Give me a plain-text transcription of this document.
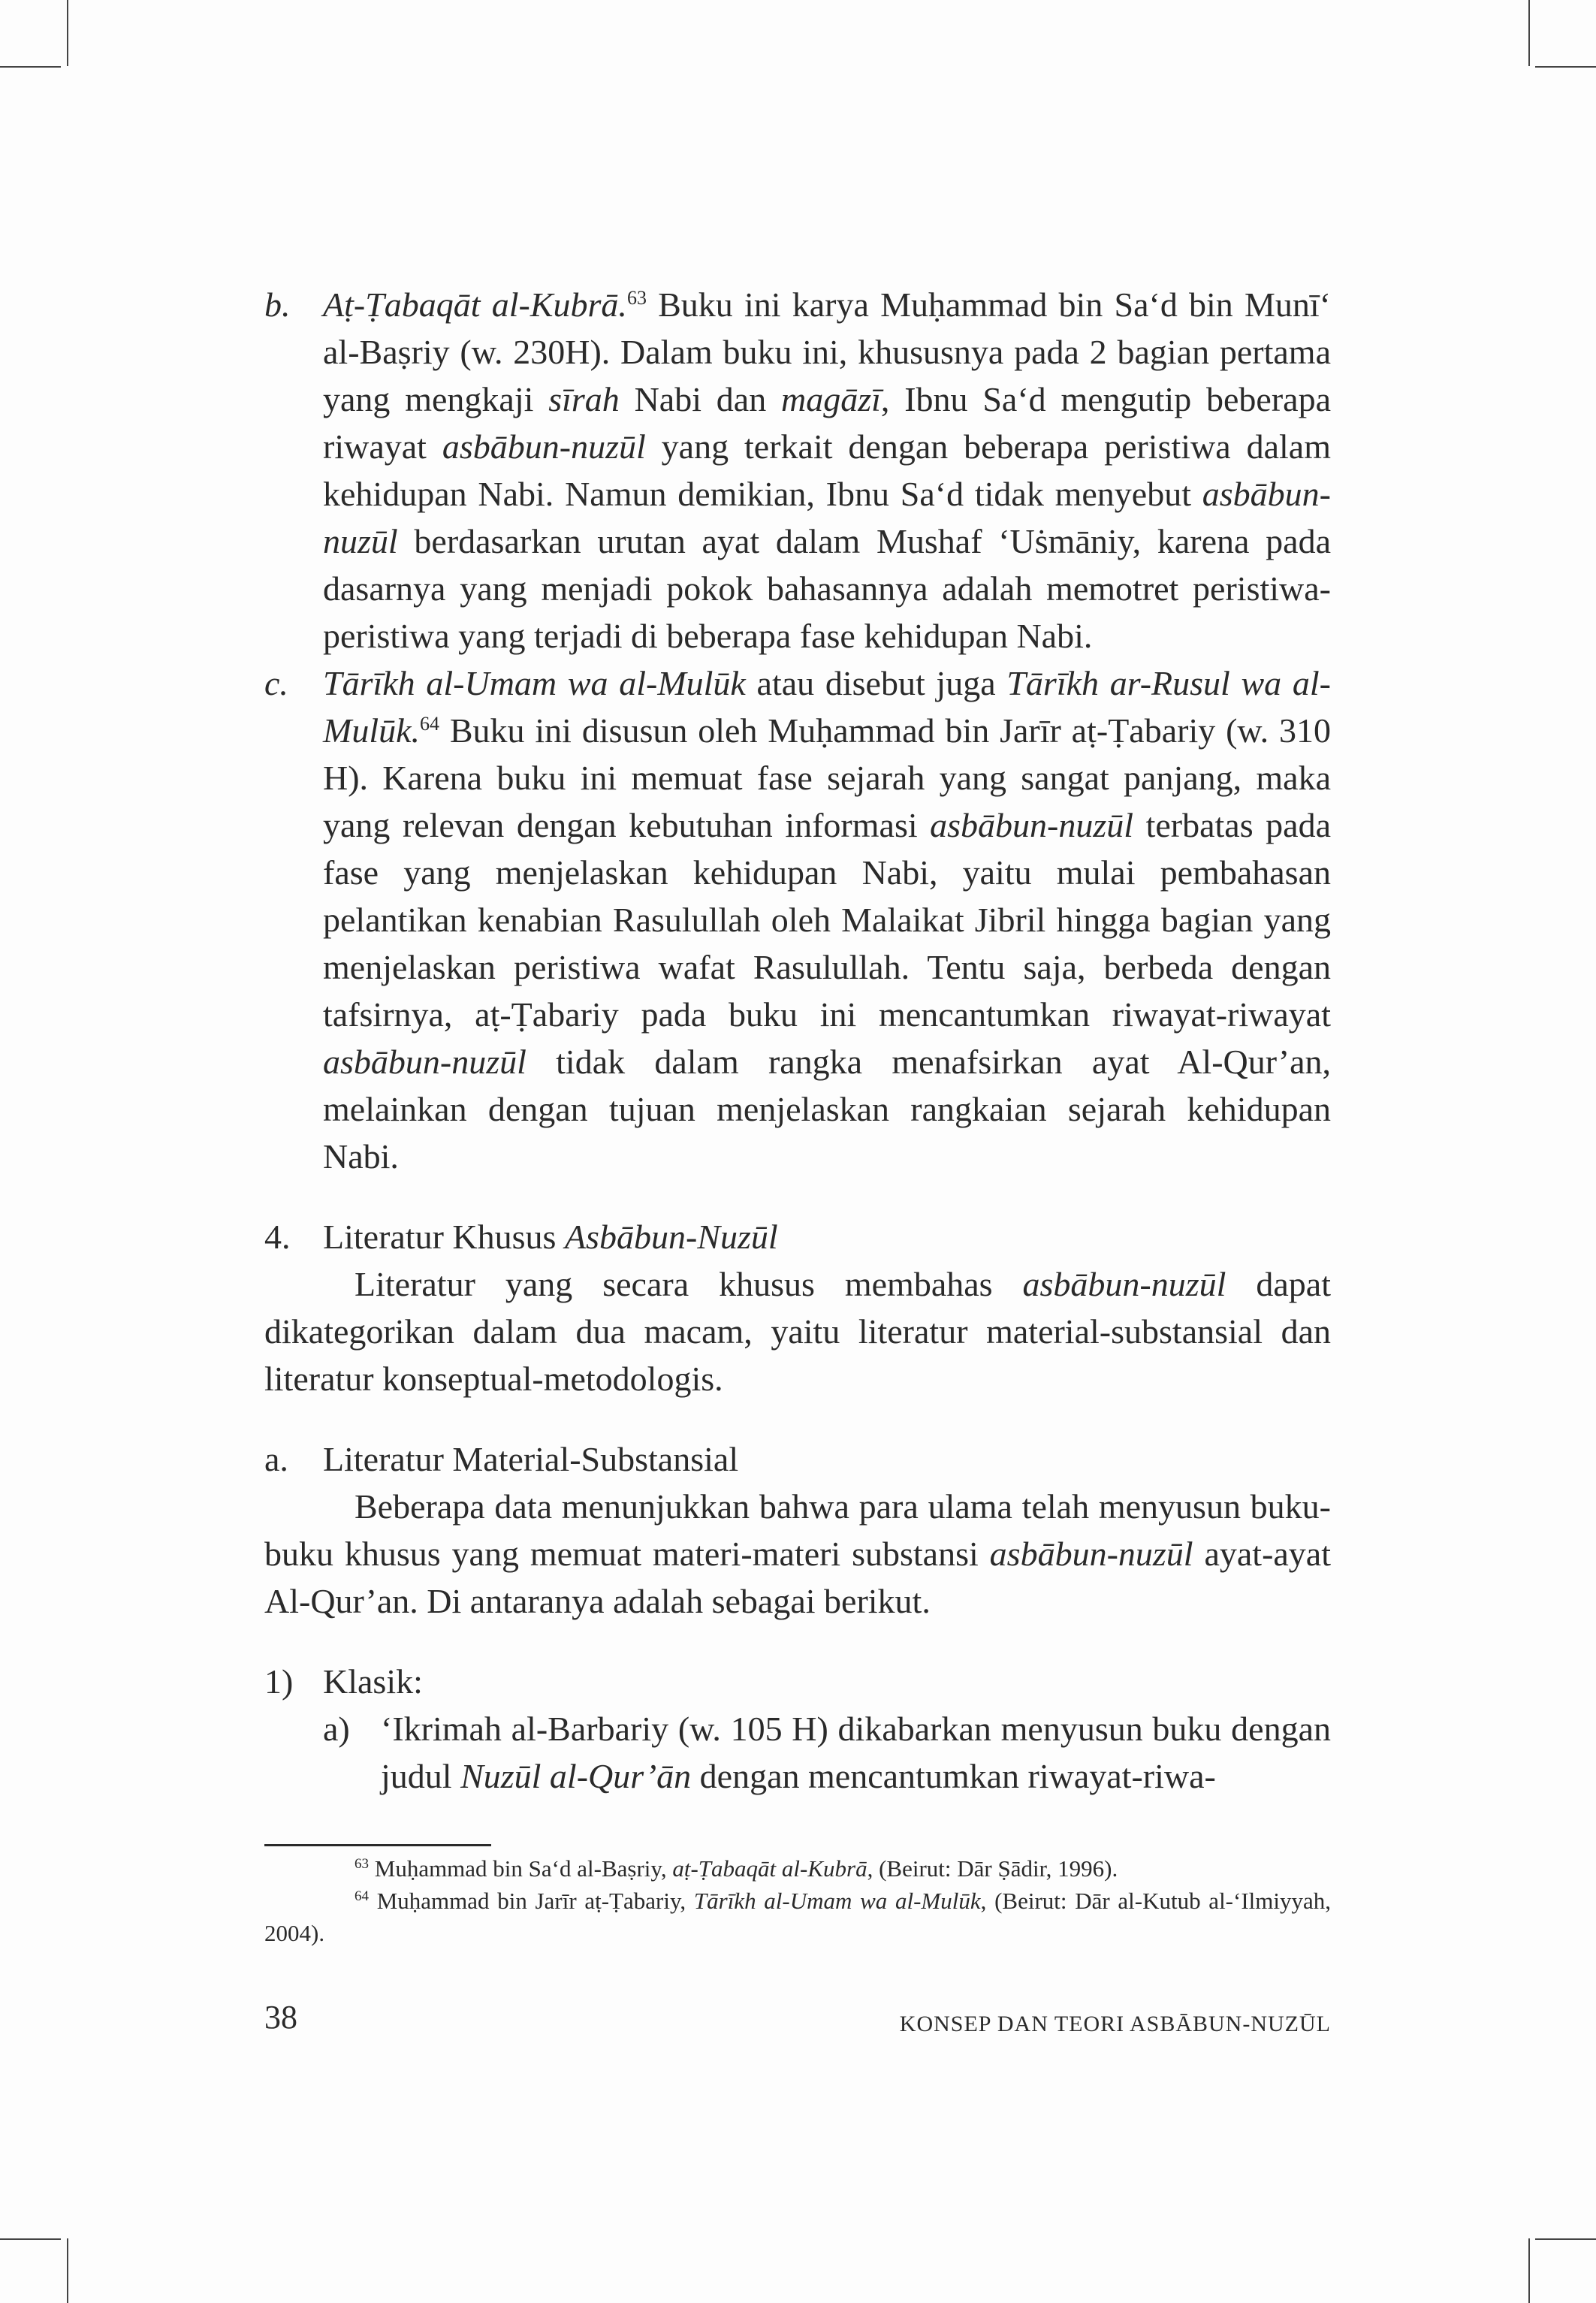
b. Aṭ-Ṭabaqāt al-Kubrā.$^{63}$ Buku ini karya Muḥammad bin Saʻd bin Munīʻ al-Baṣriy (w. 230H). Dalam buku ini, khususnya pada 2 bagian pertama yang mengkaji sīrah Nabi dan magāzī, Ibnu Saʻd mengutip beberapa riwayat asbābun-nuzūl yang terkait dengan beberapa peristiwa dalam kehidupan Nabi. Namun demikian, Ibnu Saʻd tidak menyebut asbābun-nuzūl berdasarkan urutan ayat dalam Mushaf ʻUṡmāniy, karena pada dasarnya yang menjadi pokok bahasannya adalah memotret peristiwa-peristiwa yang terjadi di beberapa fase kehidupan Nabi.

c. Tārīkh al-Umam wa al-Mulūk atau disebut juga Tārīkh ar-Rusul wa al-Mulūk.$^{64}$ Buku ini disusun oleh Muḥammad bin Jarīr aṭ-Ṭabariy (w. 310 H). Karena buku ini memuat fase sejarah yang sangat panjang, maka yang relevan dengan kebutuhan informasi asbābun-nuzūl terbatas pada fase yang menjelaskan kehidupan Nabi, yaitu mulai pembahasan pelantikan kenabian Rasulullah oleh Malaikat Jibril hingga bagian yang menjelaskan peristiwa wafat Rasulullah. Tentu saja, berbeda dengan tafsirnya, aṭ-Ṭabariy pada buku ini mencantumkan riwayat-riwayat asbābun-nuzūl tidak dalam rangka menafsirkan ayat Al-Qur’an, melainkan dengan tujuan menjelaskan rangkaian sejarah kehidupan Nabi.

4. Literatur Khusus Asbābun-Nuzūl

Literatur yang secara khusus membahas asbābun-nuzūl dapat dikategorikan dalam dua macam, yaitu literatur material-substansial dan literatur konseptual-metodologis.

a. Literatur Material-Substansial

Beberapa data menunjukkan bahwa para ulama telah menyusun buku-buku khusus yang memuat materi-materi substansi asbābun-nuzūl ayat-ayat Al-Qur’an. Di antaranya adalah sebagai berikut.

1) Klasik:
a) ʻIkrimah al-Barbariy (w. 105 H) dikabarkan menyusun buku dengan judul Nuzūl al-Qur’ān dengan mencantumkan riwayat-riwa-

$^{63}$ Muḥammad bin Saʻd al-Baṣriy, aṭ-Ṭabaqāt al-Kubrā, (Beirut: Dār Ṣādir, 1996).

$^{64}$ Muḥammad bin Jarīr aṭ-Ṭabariy, Tārīkh al-Umam wa al-Mulūk, (Beirut: Dār al-Kutub al-ʻIlmiyyah, 2004).

38	KONSEP DAN TEORI ASBĀBUN-NUZŪL
